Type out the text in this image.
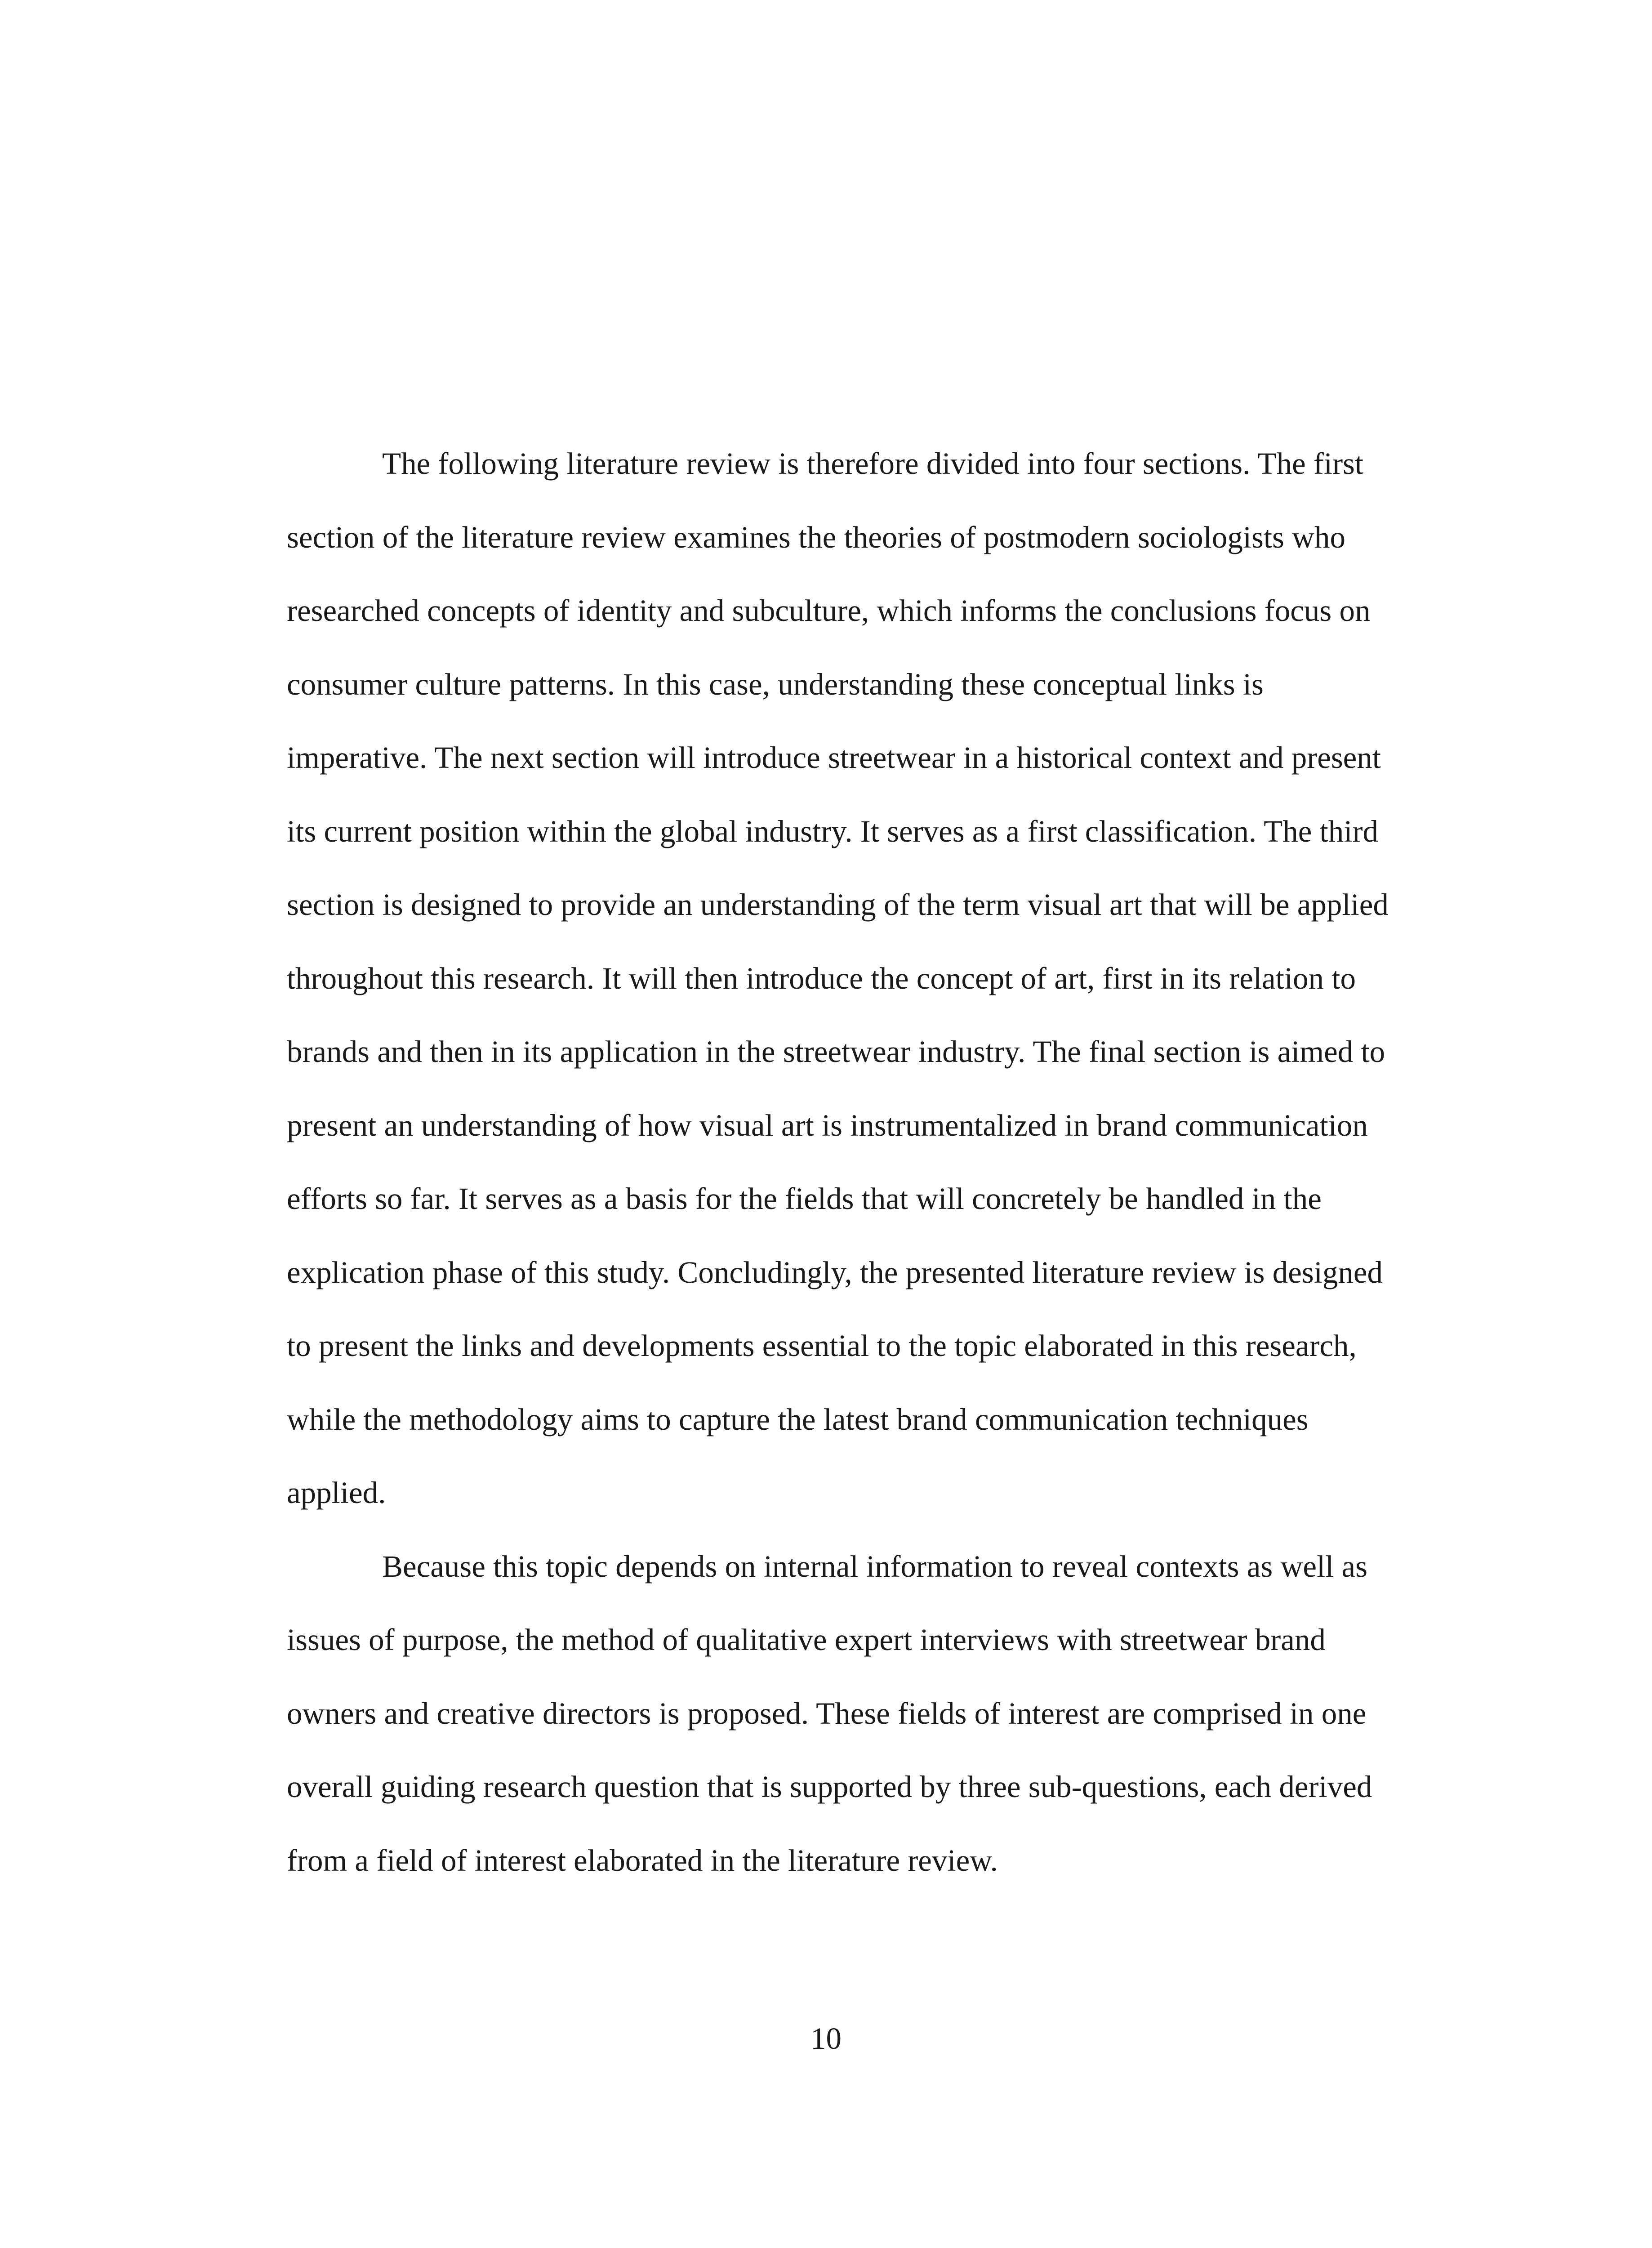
The following literature review is therefore divided into four sections. The first
section of the literature review examines the theories of postmodern sociologists who
researched concepts of identity and subculture, which informs the conclusions focus on
consumer culture patterns. In this case, understanding these conceptual links is
imperative. The next section will introduce streetwear in a historical context and present
its current position within the global industry. It serves as a first classification. The third
section is designed to provide an understanding of the term visual art that will be applied
throughout this research. It will then introduce the concept of art, first in its relation to
brands and then in its application in the streetwear industry. The final section is aimed to
present an understanding of how visual art is instrumentalized in brand communication
efforts so far. It serves as a basis for the fields that will concretely be handled in the
explication phase of this study. Concludingly, the presented literature review is designed
to present the links and developments essential to the topic elaborated in this research,
while the methodology aims to capture the latest brand communication techniques
applied.
Because this topic depends on internal information to reveal contexts as well as
issues of purpose, the method of qualitative expert interviews with streetwear brand
owners and creative directors is proposed. These fields of interest are comprised in one
overall guiding research question that is supported by three sub-questions, each derived
from a field of interest elaborated in the literature review.
10
